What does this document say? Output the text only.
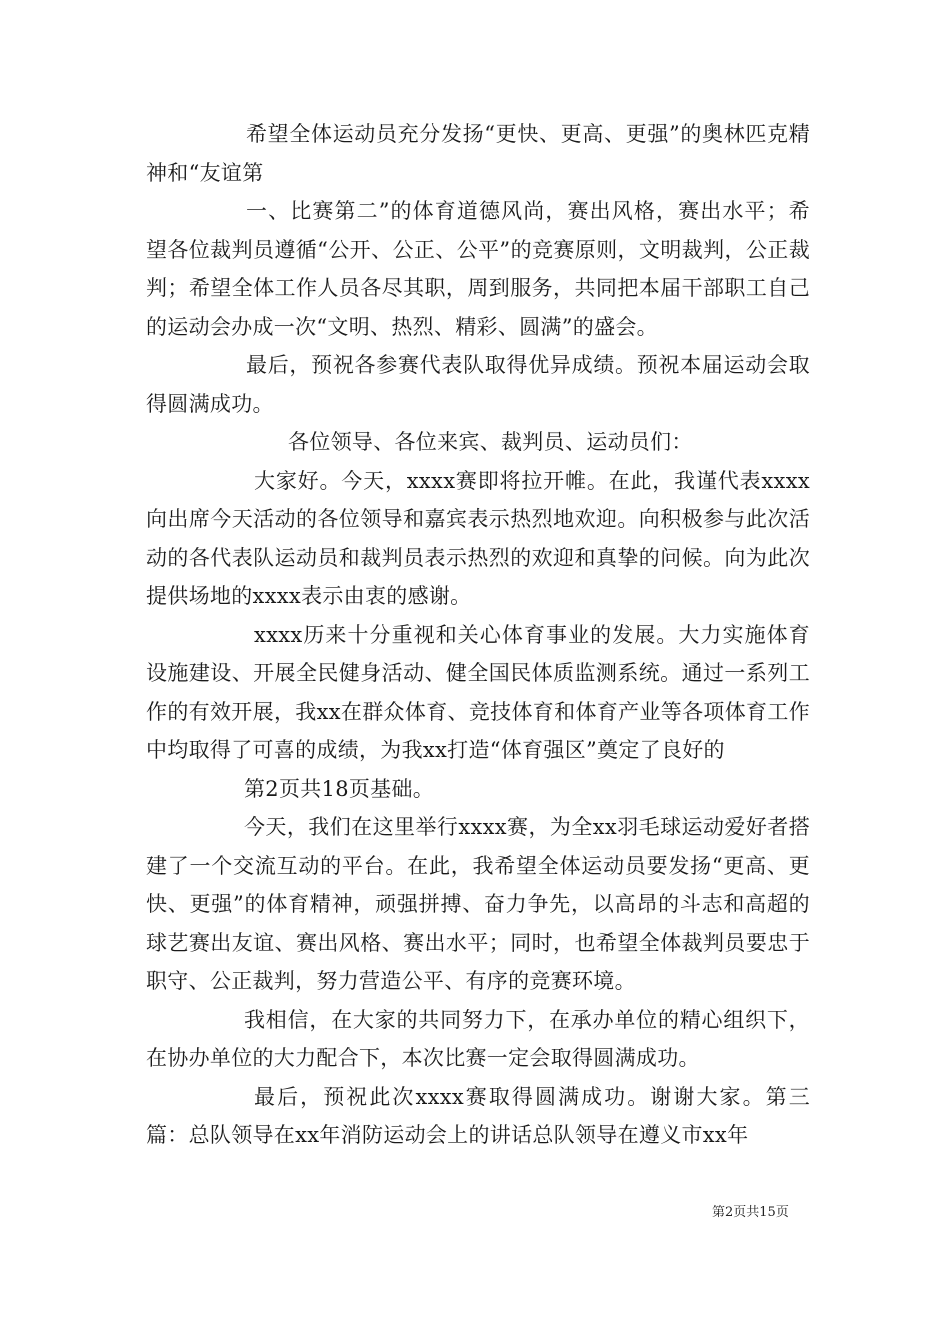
希望全体运动员充分发扬“更快、更高、更强”的奥林匹克精神和“友谊第

一、比赛第二”的体育道德风尚，赛出风格，赛出水平；希望各位裁判员遵循“公开、公正、公平”的竞赛原则，文明裁判，公正裁判；希望全体工作人员各尽其职，周到服务，共同把本届干部职工自己的运动会办成一次“文明、热烈、精彩、圆满”的盛会。

最后，预祝各参赛代表队取得优异成绩。预祝本届运动会取得圆满成功。

各位领导、各位来宾、裁判员、运动员们：

大家好。今天，xxxx赛即将拉开帷。在此，我谨代表xxxx向出席今天活动的各位领导和嘉宾表示热烈地欢迎。向积极参与此次活动的各代表队运动员和裁判员表示热烈的欢迎和真挚的问候。向为此次提供场地的xxxx表示由衷的感谢。

xxxx历来十分重视和关心体育事业的发展。大力实施体育设施建设、开展全民健身活动、健全国民体质监测系统。通过一系列工作的有效开展，我xx在群众体育、竞技体育和体育产业等各项体育工作中均取得了可喜的成绩，为我xx打造“体育强区”奠定了良好的

第2页共18页基础。

今天，我们在这里举行xxxx赛，为全xx羽毛球运动爱好者搭建了一个交流互动的平台。在此，我希望全体运动员要发扬“更高、更快、更强”的体育精神，顽强拼搏、奋力争先，以高昂的斗志和高超的球艺赛出友谊、赛出风格、赛出水平；同时，也希望全体裁判员要忠于职守、公正裁判，努力营造公平、有序的竞赛环境。

我相信，在大家的共同努力下，在承办单位的精心组织下，在协办单位的大力配合下，本次比赛一定会取得圆满成功。

最后，预祝此次xxxx赛取得圆满成功。谢谢大家。第三篇：总队领导在xx年消防运动会上的讲话总队领导在遵义市xx年

第2页共15页
